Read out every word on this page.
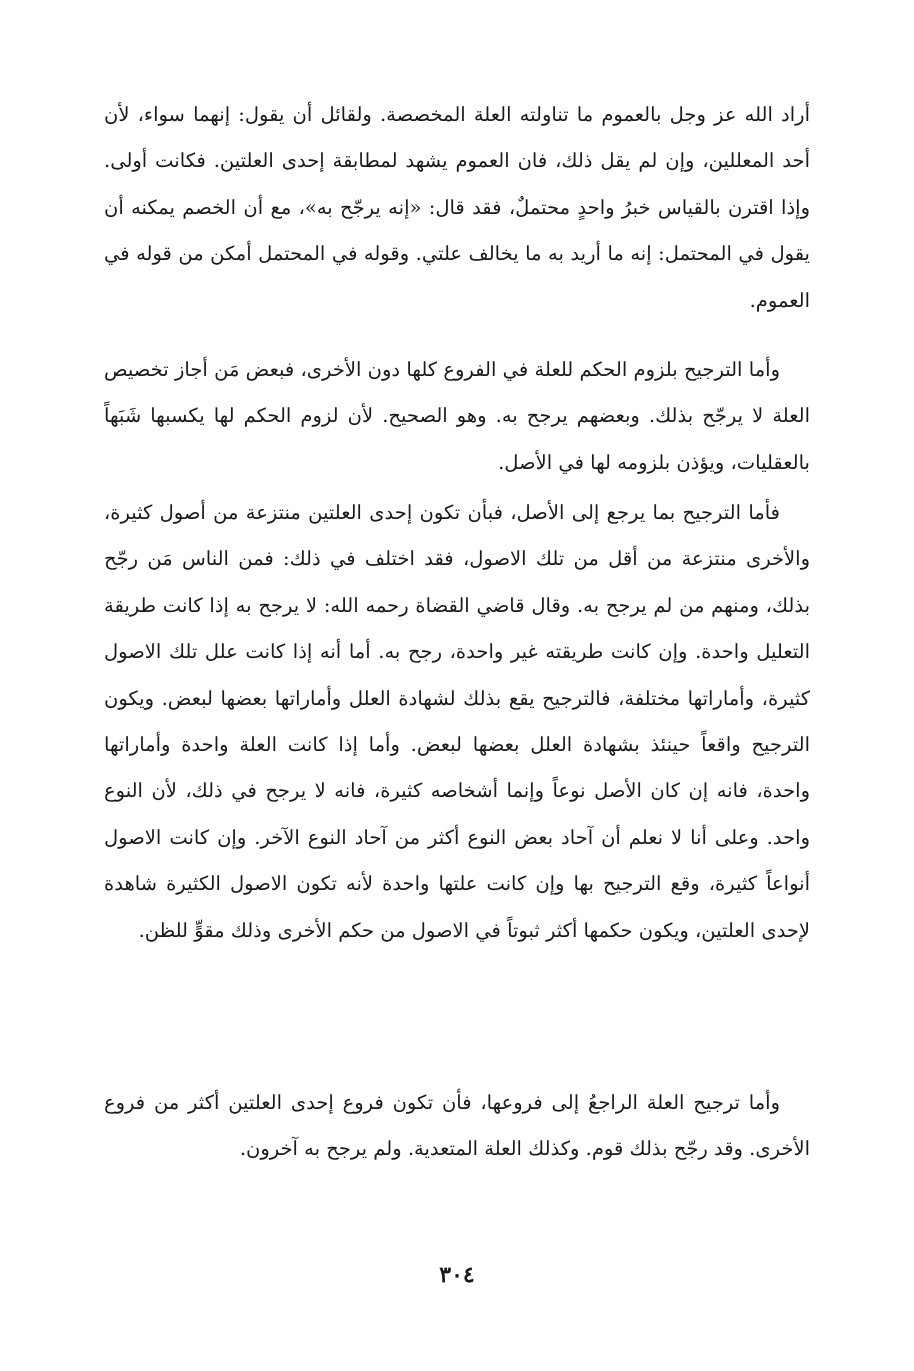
أراد الله عز وجل بالعموم ما تناولته العلة المخصصة. ولقائل أن يقول: إنهما سواء، لأن أحد المعللين، وإن لم يقل ذلك، فان العموم يشهد لمطابقة إحدى العلتين. فكانت أولى. وإذا اقترن بالقياس خبرُ واحدٍ محتملٌ، فقد قال: «إنه يرجّح به»، مع أن الخصم يمكنه أن يقول في المحتمل: إنه ما أريد به ما يخالف علتي. وقوله في المحتمل أمكن من قوله في العموم.

وأما الترجيح بلزوم الحكم للعلة في الفروع كلها دون الأخرى، فبعض مَن أجاز تخصيص العلة لا يرجّح بذلك. وبعضهم يرجح به. وهو الصحيح. لأن لزوم الحكم لها يكسبها شَبَهاً بالعقليات، ويؤذن بلزومه لها في الأصل.

فأما الترجيح بما يرجع إلى الأصل، فبأن تكون إحدى العلتين منتزعة من أصول كثيرة، والأخرى منتزعة من أقل من تلك الاصول، فقد اختلف في ذلك: فمن الناس مَن رجّح بذلك، ومنهم من لم يرجح به. وقال قاضي القضاة رحمه الله: لا يرجح به إذا كانت طريقة التعليل واحدة. وإن كانت طريقته غير واحدة، رجح به. أما أنه إذا كانت علل تلك الاصول كثيرة، وأماراتها مختلفة، فالترجيح يقع بذلك لشهادة العلل وأماراتها بعضها لبعض. ويكون الترجيح واقعاً حينئذ بشهادة العلل بعضها لبعض. وأما إذا كانت العلة واحدة وأماراتها واحدة، فانه إن كان الأصل نوعاً وإنما أشخاصه كثيرة، فانه لا يرجح في ذلك، لأن النوع واحد. وعلى أنا لا نعلم أن آحاد بعض النوع أكثر من آحاد النوع الآخر. وإن كانت الاصول أنواعاً كثيرة، وقع الترجيح بها وإن كانت علتها واحدة لأنه تكون الاصول الكثيرة شاهدة لإحدى العلتين، ويكون حكمها أكثر ثبوتاً في الاصول من حكم الأخرى وذلك مقوٍّ للظن.

وأما ترجيح العلة الراجعُ إلى فروعها، فأن تكون فروع إحدى العلتين أكثر من فروع الأخرى. وقد رجّح بذلك قوم. وكذلك العلة المتعدية. ولم يرجح به آخرون.

٣٠٤
